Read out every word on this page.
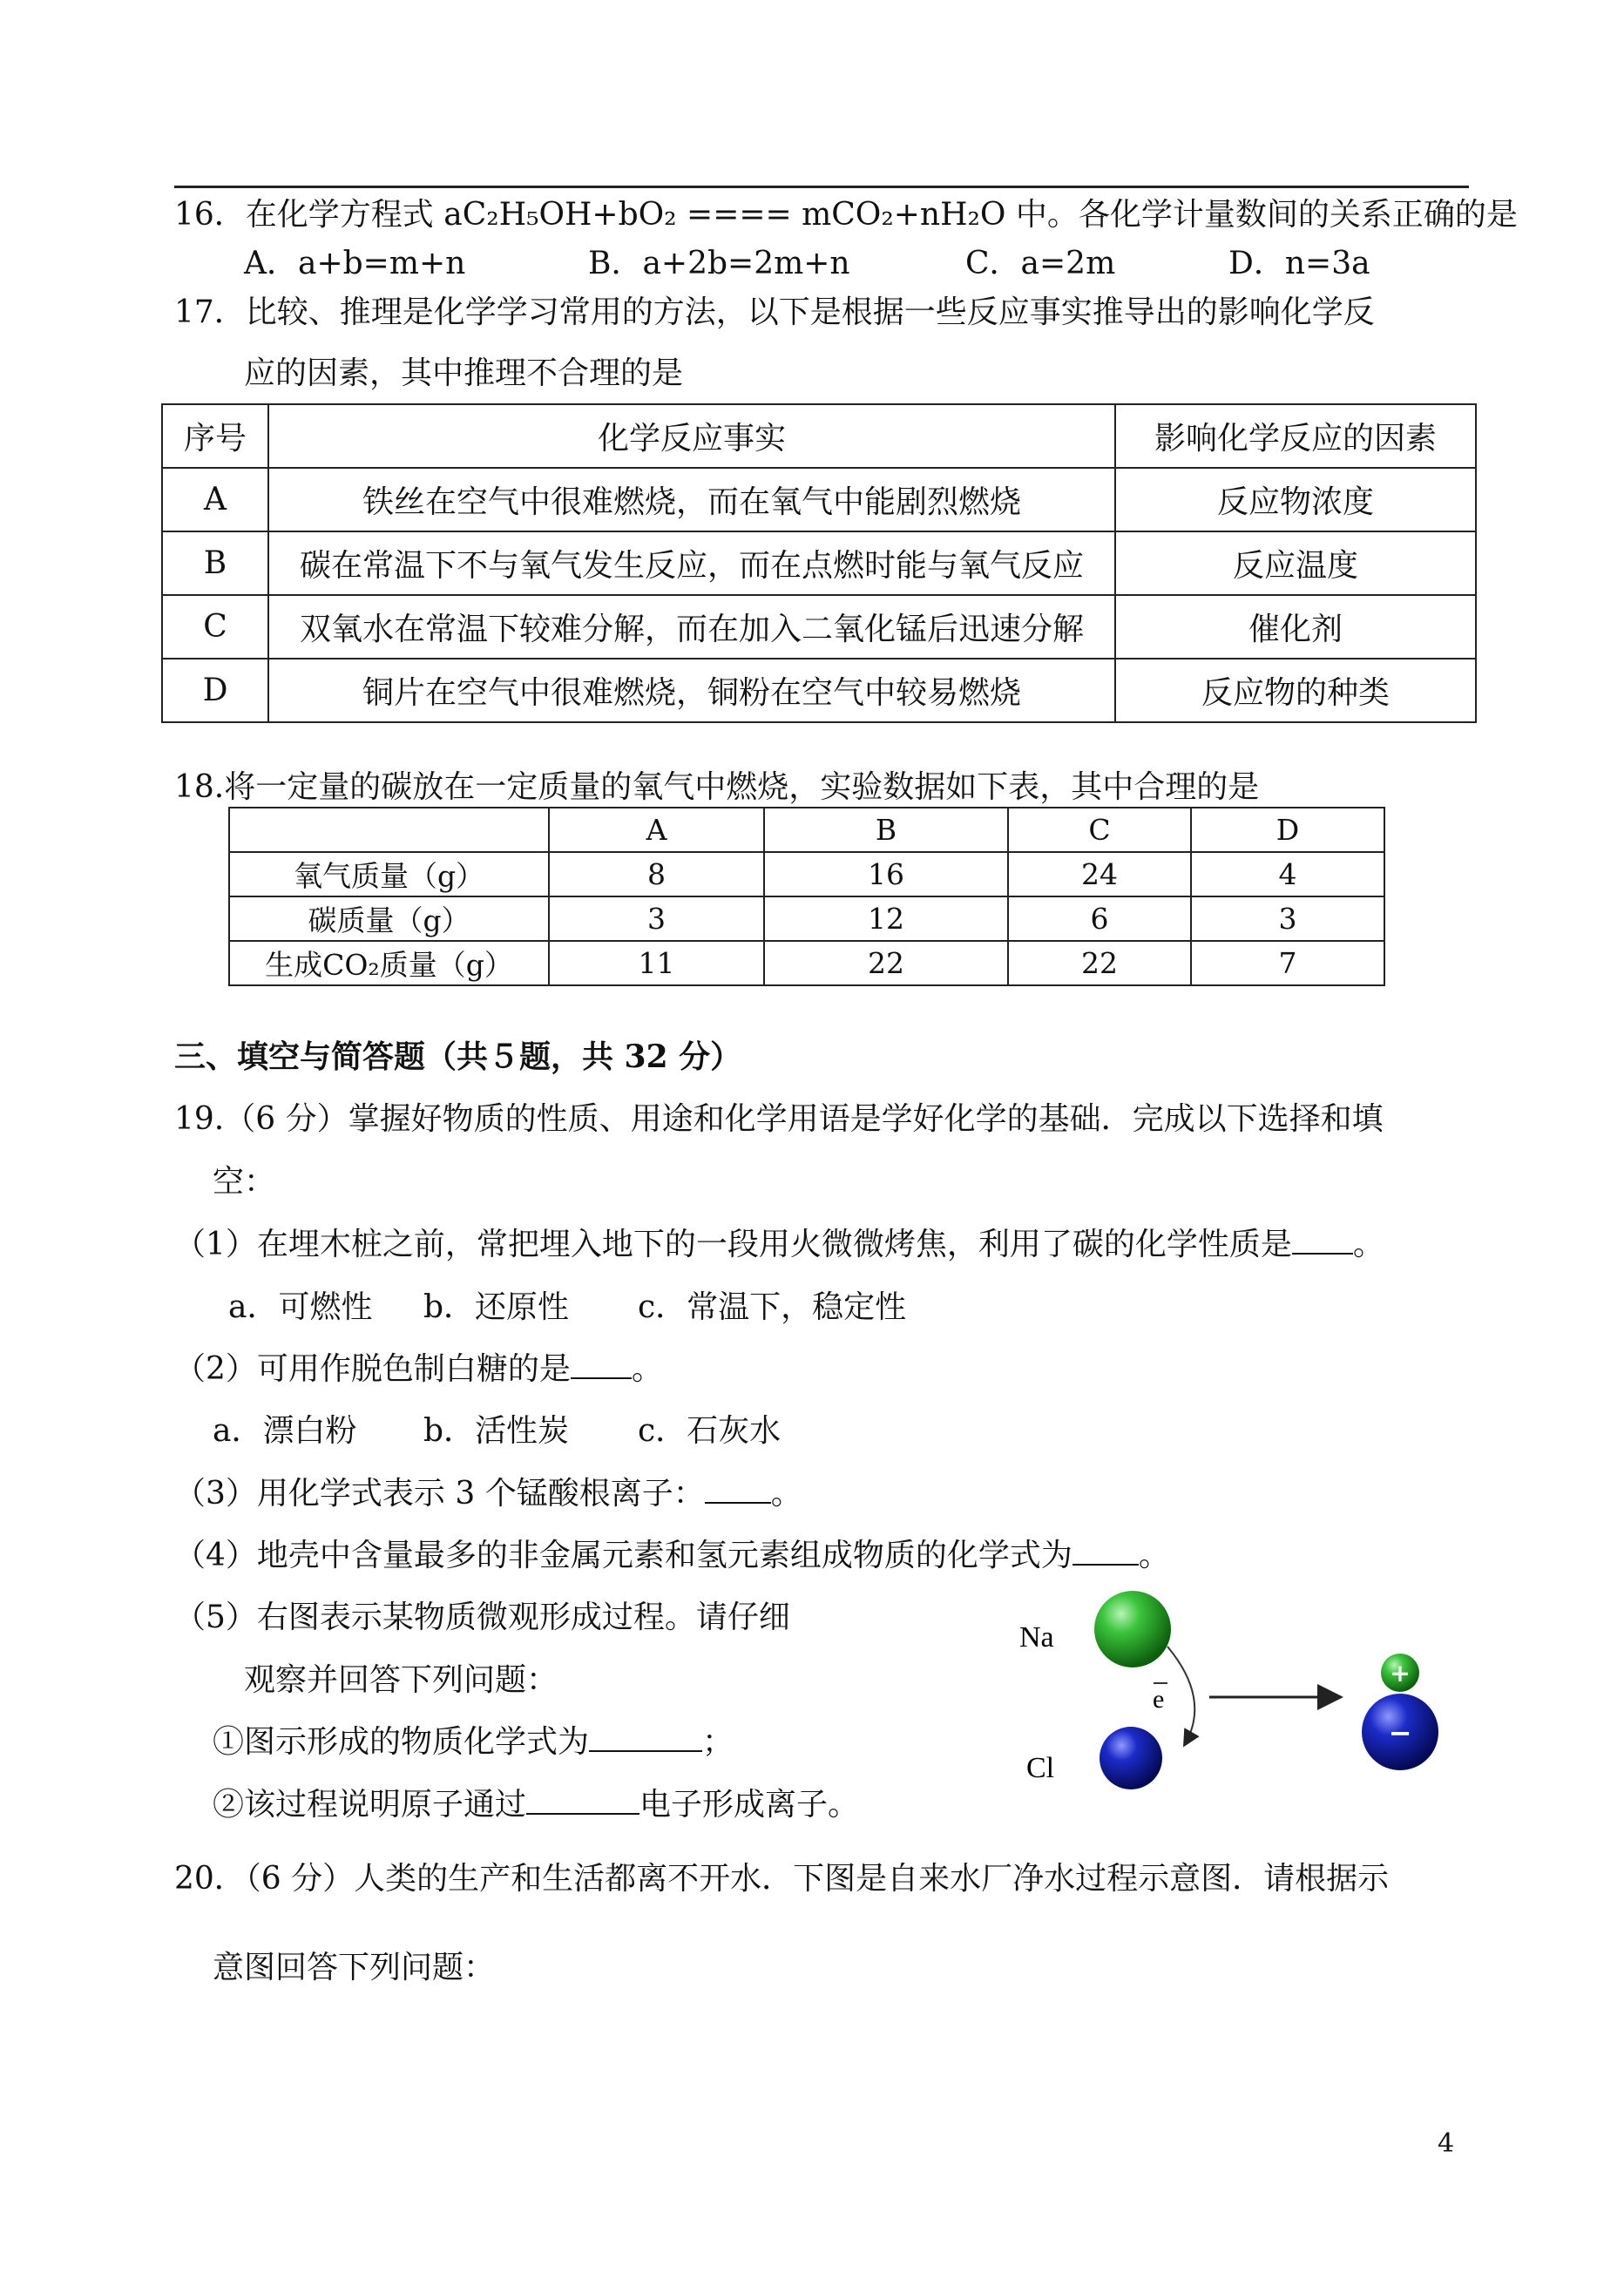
16．在化学方程式 aC₂H₅OH+bO₂ ==== mCO₂+nH₂O 中。各化学计量数间的关系正确的是
A．a+b=m+n	B．a+2b=2m+n	C．a=2m	D．n=3a
17．比较、推理是化学学习常用的方法，以下是根据一些反应事实推导出的影响化学反
应的因素，其中推理不合理的是
序号	化学反应事实	影响化学反应的因素
A	铁丝在空气中很难燃烧，而在氧气中能剧烈燃烧	反应物浓度
B	碳在常温下不与氧气发生反应，而在点燃时能与氧气反应	反应温度
C	双氧水在常温下较难分解，而在加入二氧化锰后迅速分解	催化剂
D	铜片在空气中很难燃烧，铜粉在空气中较易燃烧	反应物的种类
18.将一定量的碳放在一定质量的氧气中燃烧，实验数据如下表，其中合理的是
	A	B	C	D
氧气质量（g）	8	16	24	4
碳质量（g）	3	12	6	3
生成CO₂质量（g）	11	22	22	7
三、填空与简答题（共５题，共 32 分）
19.（6 分）掌握好物质的性质、用途和化学用语是学好化学的基础．完成以下选择和填
空：
（1）在埋木桩之前，常把埋入地下的一段用火微微烤焦，利用了碳的化学性质是 。
a．可燃性 b．还原性 c．常温下，稳定性
（2）可用作脱色制白糖的是 。
a．漂白粉 b．活性炭 c．石灰水
（3）用化学式表示 3 个锰酸根离子： 。
（4）地壳中含量最多的非金属元素和氢元素组成物质的化学式为 。
（5）右图表示某物质微观形成过程。请仔细
观察并回答下列问题：
①图示形成的物质化学式为	；
②该过程说明原子通过	电子形成离子。
Na
Cl
e
+
−
20．（6 分）人类的生产和生活都离不开水．下图是自来水厂净水过程示意图．请根据示
意图回答下列问题：
4
